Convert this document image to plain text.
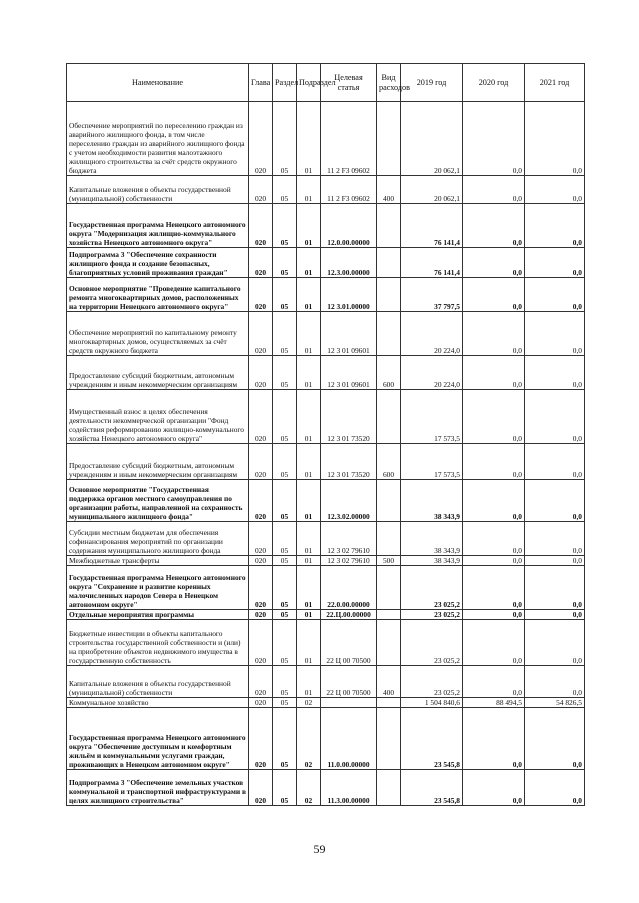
Наименование	Глава	Раздел	Подраздел	Целевая статья	Вид расходов	2019 год	2020 год	2021 год
Обеспечение мероприятий по переселению граждан из аварийного жилищного фонда, в том числе переселению граждан из аварийного жилищного фонда с учетом необходимости развития малоэтажного жилищного строительства за счёт средств окружного бюджета	020	05	01	11 2 F3 09602		20 062,1	0,0	0,0
Капитальные вложения в объекты государственной (муниципальной) собственности	020	05	01	11 2 F3 09602	400	20 062,1	0,0	0,0
Государственная программа Ненецкого автономного округа "Модернизация жилищно-коммунального хозяйства Ненецкого автономного округа"	020	05	01	12.0.00.00000		76 141,4	0,0	0,0
Подпрограмма 3 "Обеспечение сохранности жилищного фонда и создание безопасных, благоприятных условий проживания граждан"	020	05	01	12.3.00.00000		76 141,4	0,0	0,0
Основное мероприятие "Проведение капитального ремонта многоквартирных домов, расположенных на территории Ненецкого автономного округа"	020	05	01	12 3.01.00000		37 797,5	0,0	0,0
Обеспечение мероприятий по капитальному ремонту многоквартирных домов, осуществляемых за счёт средств окружного бюджета	020	05	01	12 3 01 09601		20 224,0	0,0	0,0
Предоставление субсидий бюджетным, автономным учреждениям и иным некоммерческим организациям	020	05	01	12 3 01 09601	600	20 224,0	0,0	0,0
Имущественный взнос в целях обеспечения деятельности некоммерческой организации "Фонд содействия реформированию жилищно-коммунального хозяйства Ненецкого автономного округа"	020	05	01	12 3 01 73520		17 573,5	0,0	0,0
Предоставление субсидий бюджетным, автономным учреждениям и иным некоммерческим организациям	020	05	01	12 3 01 73520	600	17 573,5	0,0	0,0
Основное мероприятие "Государственная поддержка органов местного самоуправления по организации работы, направленной на сохранность муниципального жилищного фонда"	020	05	01	12.3.02.00000		38 343,9	0,0	0,0
Субсидии местным бюджетам для обеспечения софинансирования мероприятий по организации содержания муниципального жилищного фонда	020	05	01	12 3 02 79610		38 343,9	0,0	0,0
Межбюджетные трансферты	020	05	01	12 3 02 79610	500	38 343,9	0,0	0,0
Государственная программа Ненецкого автономного округа "Сохранение и развитие коренных малочисленных народов Севера в Ненецком автономном округе"	020	05	01	22.0.00.00000		23 025,2	0,0	0,0
Отдельные мероприятия программы	020	05	01	22.Ц.00.00000		23 025,2	0,0	0,0
Бюджетные инвестиции в объекты капитального строительства государственной собственности и (или) на приобретение объектов недвижимого имущества в государственную собственность	020	05	01	22 Ц 00 70500		23 025,2	0,0	0,0
Капитальные вложения в объекты государственной (муниципальной) собственности	020	05	01	22 Ц 00 70500	400	23 025,2	0,0	0,0
Коммунальное хозяйство	020	05	02			1 504 840,6	88 494,5	54 826,5
Государственная программа Ненецкого автономного округа "Обеспечение доступным и комфортным жильём и коммунальными услугами граждан, проживающих в Ненецком автономном округе"	020	05	02	11.0.00.00000		23 545,8	0,0	0,0
Подпрограмма 3 "Обеспечение земельных участков коммунальной и транспортной инфраструктурами в целях жилищного строительства"	020	05	02	11.3.00.00000		23 545,8	0,0	0,0
59
